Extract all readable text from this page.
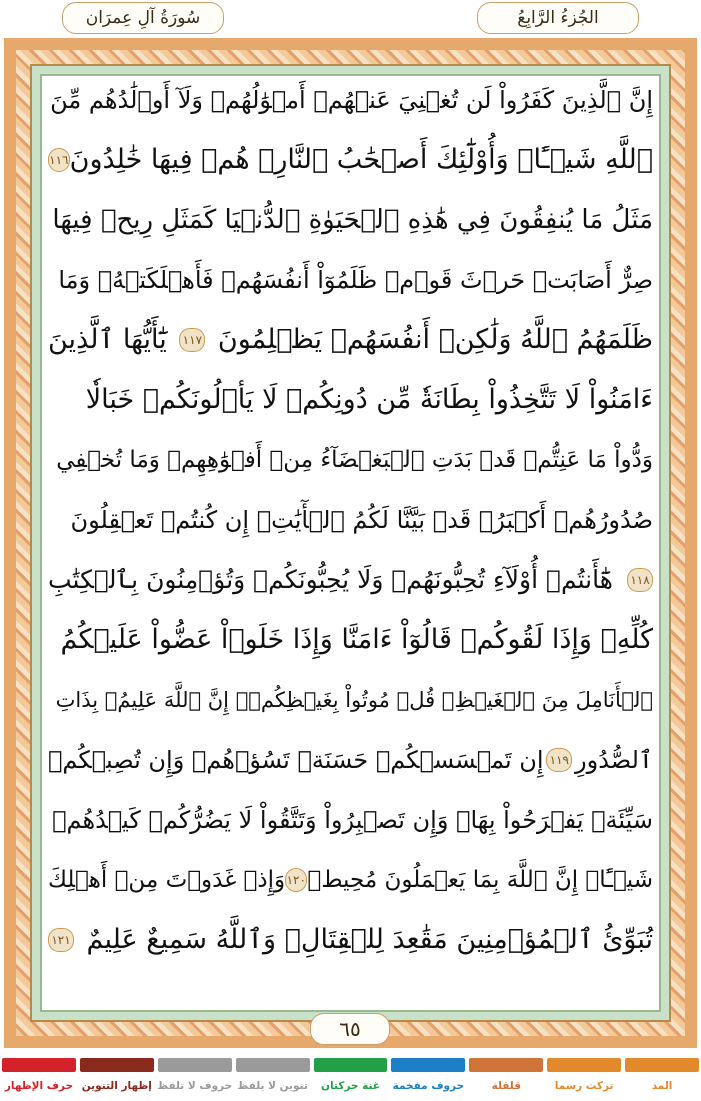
الجُزءُ الرَّابِعُ
سُورَةُ آلِ عِمرَان
إِنَّ ٱلَّذِينَ كَفَرُواْ لَن تُغۡنِيَ عَنۡهُمۡ أَمۡوَٰلُهُمۡ وَلَآ أَوۡلَٰدُهُم مِّنَ
ٱللَّهِ شَيۡـًٔاۖ وَأُوْلَٰٓئِكَ أَصۡحَٰبُ ٱلنَّارِۖ هُمۡ فِيهَا خَٰلِدُونَ
١١٦
مَثَلُ مَا يُنفِقُونَ فِي هَٰذِهِ ٱلۡحَيَوٰةِ ٱلدُّنۡيَا كَمَثَلِ رِيحٖ فِيهَا
صِرٌّ أَصَابَتۡ حَرۡثَ قَوۡمٖ ظَلَمُوٓاْ أَنفُسَهُمۡ فَأَهۡلَكَتۡهُۚ وَمَا
ظَلَمَهُمُ ٱللَّهُ وَلَٰكِنۡ أَنفُسَهُمۡ يَظۡلِمُونَ
١١٧
يَٰٓأَيُّهَا ٱلَّذِينَ
ءَامَنُواْ لَا تَتَّخِذُواْ بِطَانَةٗ مِّن دُونِكُمۡ لَا يَأۡلُونَكُمۡ خَبَالٗا
وَدُّواْ مَا عَنِتُّمۡ قَدۡ بَدَتِ ٱلۡبَغۡضَآءُ مِنۡ أَفۡوَٰهِهِمۡ وَمَا تُخۡفِي
صُدُورُهُمۡ أَكۡبَرُۚ قَدۡ بَيَّنَّا لَكُمُ ٱلۡأٓيَٰتِۖ إِن كُنتُمۡ تَعۡقِلُونَ
١١٨
هَٰٓأَنتُمۡ أُوْلَآءِ تُحِبُّونَهُمۡ وَلَا يُحِبُّونَكُمۡ وَتُؤۡمِنُونَ بِٱلۡكِتَٰبِ
كُلِّهِۦ وَإِذَا لَقُوكُمۡ قَالُوٓاْ ءَامَنَّا وَإِذَا خَلَوۡاْ عَضُّواْ عَلَيۡكُمُ
ٱلۡأَنَامِلَ مِنَ ٱلۡغَيۡظِۚ قُلۡ مُوتُواْ بِغَيۡظِكُمۡۗ إِنَّ ٱللَّهَ عَلِيمُۢ بِذَاتِ
ٱلصُّدُورِ
١١٩
إِن تَمۡسَسۡكُمۡ حَسَنَةٞ تَسُؤۡهُمۡ وَإِن تُصِبۡكُمۡ
سَيِّئَةٞ يَفۡرَحُواْ بِهَاۖ وَإِن تَصۡبِرُواْ وَتَتَّقُواْ لَا يَضُرُّكُمۡ كَيۡدُهُمۡ
شَيۡـًٔاۗ إِنَّ ٱللَّهَ بِمَا يَعۡمَلُونَ مُحِيطٞ
١٢٠
وَإِذۡ غَدَوۡتَ مِنۡ أَهۡلِكَ
تُبَوِّئُ ٱلۡمُؤۡمِنِينَ مَقَٰعِدَ لِلۡقِتَالِۗ وَٱللَّهُ سَمِيعٌ عَلِيمٌ
١٢١
٦٥
المد
تركت رسما
قلقلة
حروف مفخمة
غنة حركتان
تنوين لا يلفظ
حروف لا تلفظ
إظهار التنوين
حرف الإظهار
